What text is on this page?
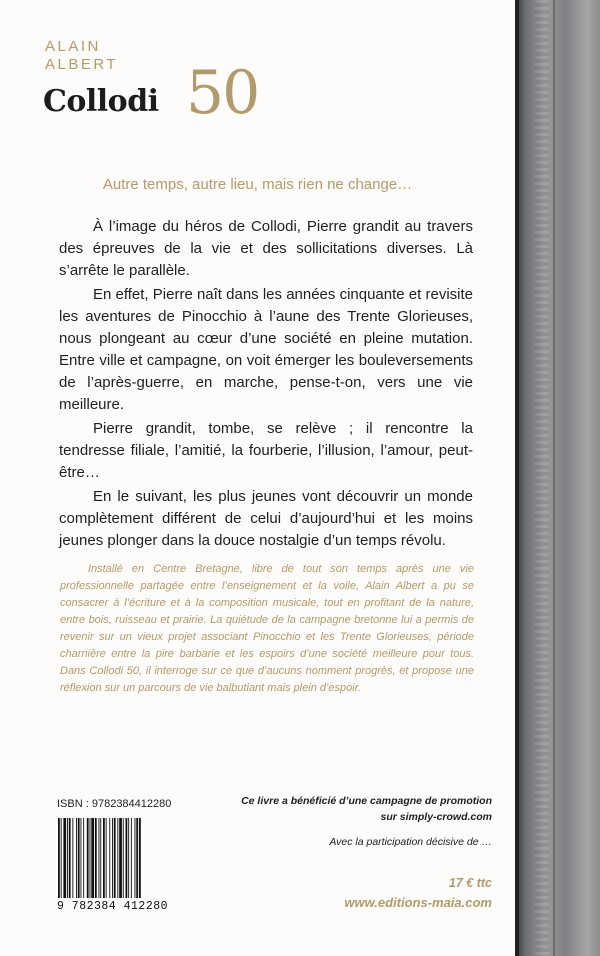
ALAIN
ALBERT
Collodi 50
Autre temps, autre lieu, mais rien ne change…

À l’image du héros de Collodi, Pierre grandit au travers des épreuves de la vie et des sollicitations diverses. Là s’arrête le parallèle.

En effet, Pierre naît dans les années cinquante et revisite les aventures de Pinocchio à l’aune des Trente Glorieuses, nous plongeant au cœur d’une société en pleine mutation. Entre ville et campagne, on voit émerger les bouleversements de l’après-guerre, en marche, pense-t-on, vers une vie meilleure.

Pierre grandit, tombe, se relève ; il rencontre la tendresse filiale, l’amitié, la fourberie, l’illusion, l’amour, peut-être…

En le suivant, les plus jeunes vont découvrir un monde complètement différent de celui d’aujourd’hui et les moins jeunes plonger dans la douce nostalgie d’un temps révolu.

Installé en Centre Bretagne, libre de tout son temps après une vie professionnelle partagée entre l’enseignement et la voile, Alain Albert a pu se consacrer à l’écriture et à la composition musicale, tout en profitant de la nature, entre bois, ruisseau et prairie. La quiétude de la campagne bretonne lui a permis de revenir sur un vieux projet associant Pinocchio et les Trente Glorieuses, période charnière entre la pire barbarie et les espoirs d’une société meilleure pour tous. Dans Collodi 50, il interroge sur ce que d’aucuns nomment progrès, et propose une réflexion sur un parcours de vie balbutiant mais plein d’espoir.
ISBN : 9782384412280
9 782384 412280
Ce livre a bénéficié d’une campagne de promotion
sur simply-crowd.com
Avec la participation décisive de …
17 € ttc
www.editions-maia.com
